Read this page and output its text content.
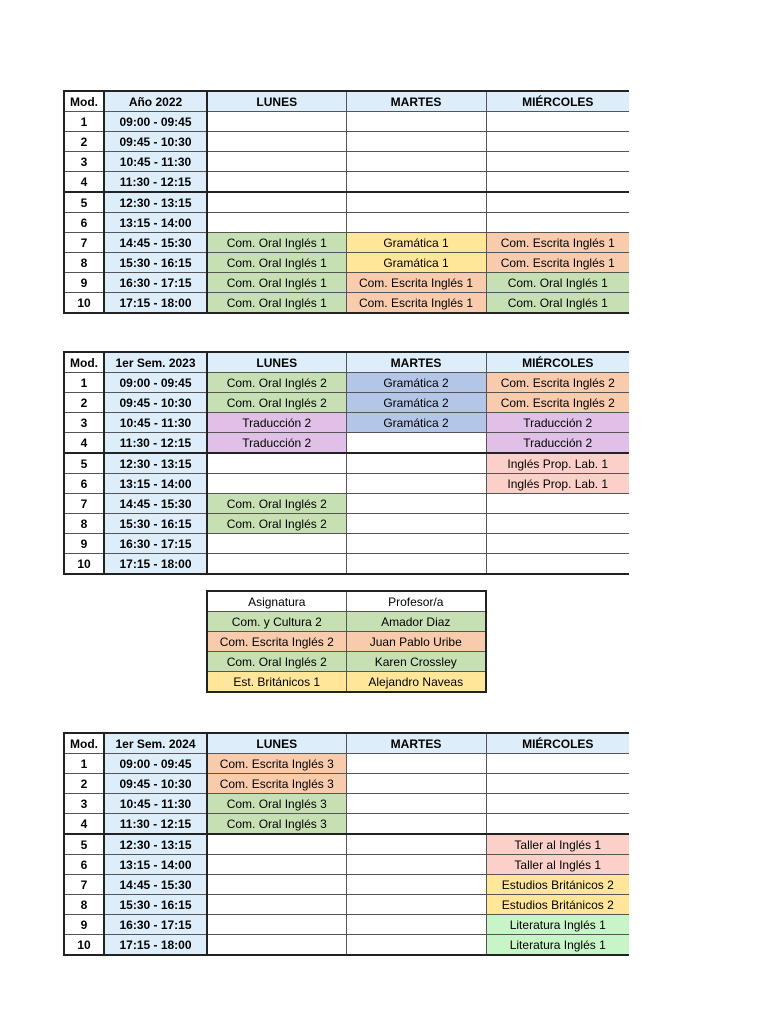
Mod.	Año 2022	LUNES	MARTES	MIÉRCOLES
1	09:00 - 09:45			
2	09:45 - 10:30			
3	10:45 - 11:30			
4	11:30 - 12:15			
5	12:30 - 13:15			
6	13:15 - 14:00			
7	14:45 - 15:30	Com. Oral Inglés 1	Gramática 1	Com. Escrita Inglés 1
8	15:30 - 16:15	Com. Oral Inglés 1	Gramática 1	Com. Escrita Inglés 1
9	16:30 - 17:15	Com. Oral Inglés 1	Com. Escrita Inglés 1	Com. Oral Inglés 1
10	17:15 - 18:00	Com. Oral Inglés 1	Com. Escrita Inglés 1	Com. Oral Inglés 1
Mod.	1er Sem. 2023	LUNES	MARTES	MIÉRCOLES
1	09:00 - 09:45	Com. Oral Inglés 2	Gramática 2	Com. Escrita Inglés 2
2	09:45 - 10:30	Com. Oral Inglés 2	Gramática 2	Com. Escrita Inglés 2
3	10:45 - 11:30	Traducción 2	Gramática 2	Traducción 2
4	11:30 - 12:15	Traducción 2		Traducción 2
5	12:30 - 13:15			Inglés Prop. Lab. 1
6	13:15 - 14:00			Inglés Prop. Lab. 1
7	14:45 - 15:30	Com. Oral Inglés 2		
8	15:30 - 16:15	Com. Oral Inglés 2		
9	16:30 - 17:15			
10	17:15 - 18:00			
Asignatura	Profesor/a
Com. y Cultura 2	Amador Diaz
Com. Escrita Inglés 2	Juan Pablo Uribe
Com. Oral Inglés 2	Karen Crossley
Est. Británicos 1	Alejandro Naveas
Mod.	1er Sem. 2024	LUNES	MARTES	MIÉRCOLES
1	09:00 - 09:45	Com. Escrita Inglés 3		
2	09:45 - 10:30	Com. Escrita Inglés 3		
3	10:45 - 11:30	Com. Oral Inglés 3		
4	11:30 - 12:15	Com. Oral Inglés 3		
5	12:30 - 13:15			Taller al Inglés 1
6	13:15 - 14:00			Taller al Inglés 1
7	14:45 - 15:30			Estudios Británicos 2
8	15:30 - 16:15			Estudios Británicos 2
9	16:30 - 17:15			Literatura Inglés 1
10	17:15 - 18:00			Literatura Inglés 1
